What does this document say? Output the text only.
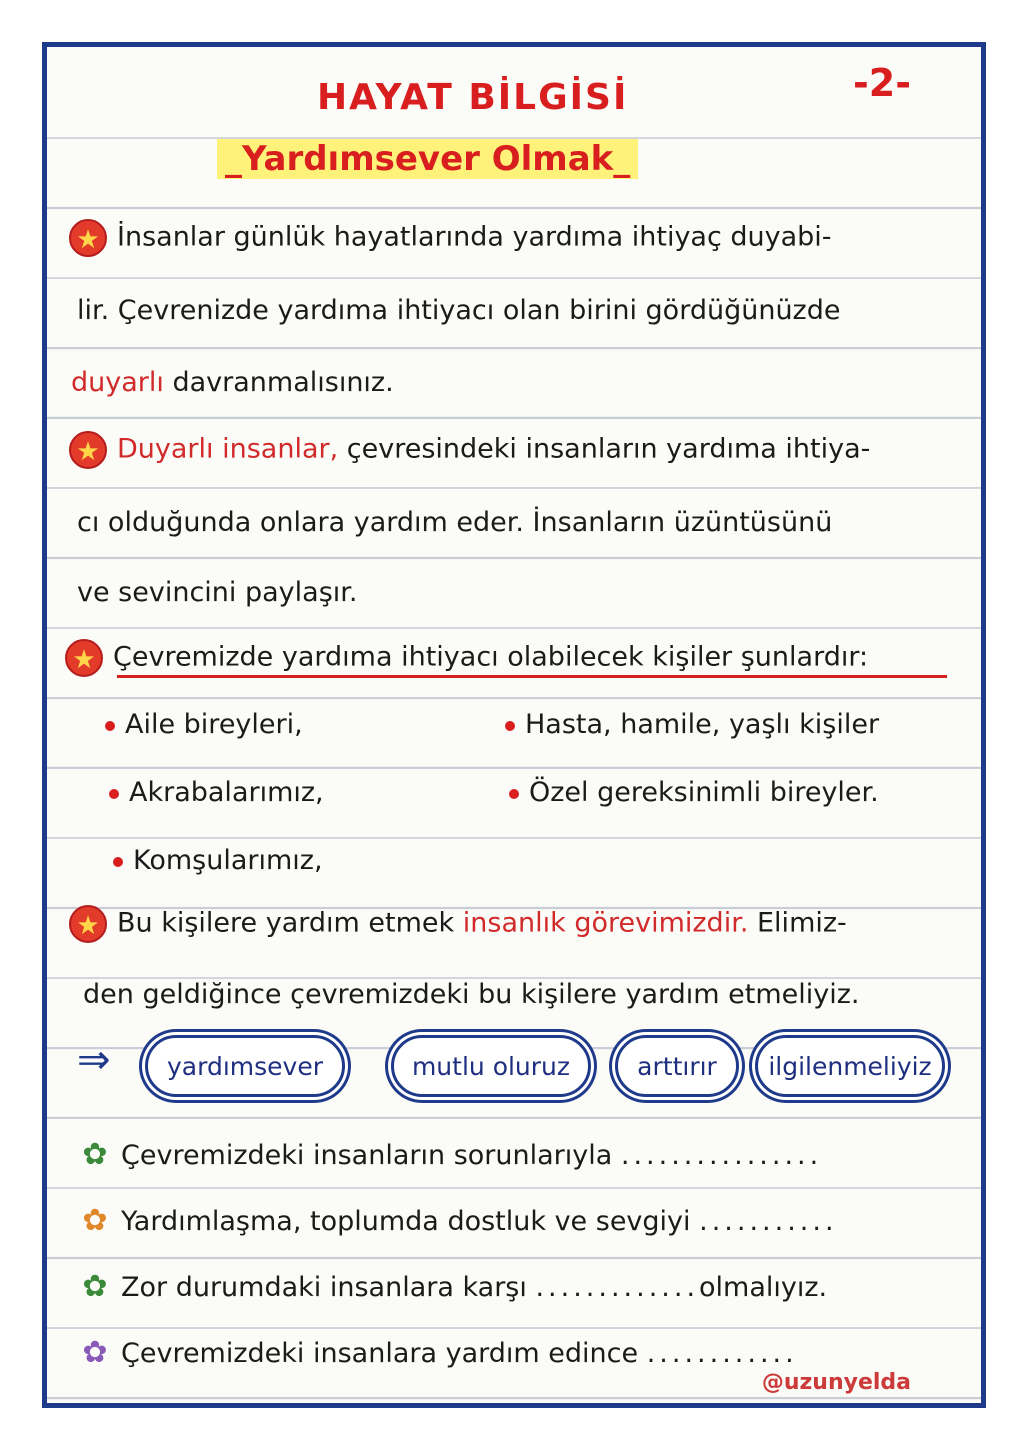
HAYAT BİLGİSİ	-2-
_Yardımsever Olmak_
★ İnsanlar günlük hayatlarında yardıma ihtiyaç duyabi-
lir. Çevrenizde yardıma ihtiyacı olan birini gördüğünüzde
duyarlı davranmalısınız.
★ Duyarlı insanlar, çevresindeki insanların yardıma ihtiya-
cı olduğunda onlara yardım eder. İnsanların üzüntüsünü
ve sevincini paylaşır.
★ Çevremizde yardıma ihtiyacı olabilecek kişiler şunlardır:
Aile bireyleri,	Hasta, hamile, yaşlı kişiler
Akrabalarımız,	Özel gereksinimli bireyler.
Komşularımız,
★ Bu kişilere yardım etmek insanlık görevimizdir. Elimiz-
den geldiğince çevremizdeki bu kişilere yardım etmeliyiz.
⇒	yardımsever	mutlu oluruz	arttırır	ilgilenmeliyiz
✿ Çevremizdeki insanların sorunlarıyla ................
✿ Yardımlaşma, toplumda dostluk ve sevgiyi ...........
✿ Zor durumdaki insanlara karşı .............olmalıyız.
✿ Çevremizdeki insanlara yardım edince ............
@uzunyelda
